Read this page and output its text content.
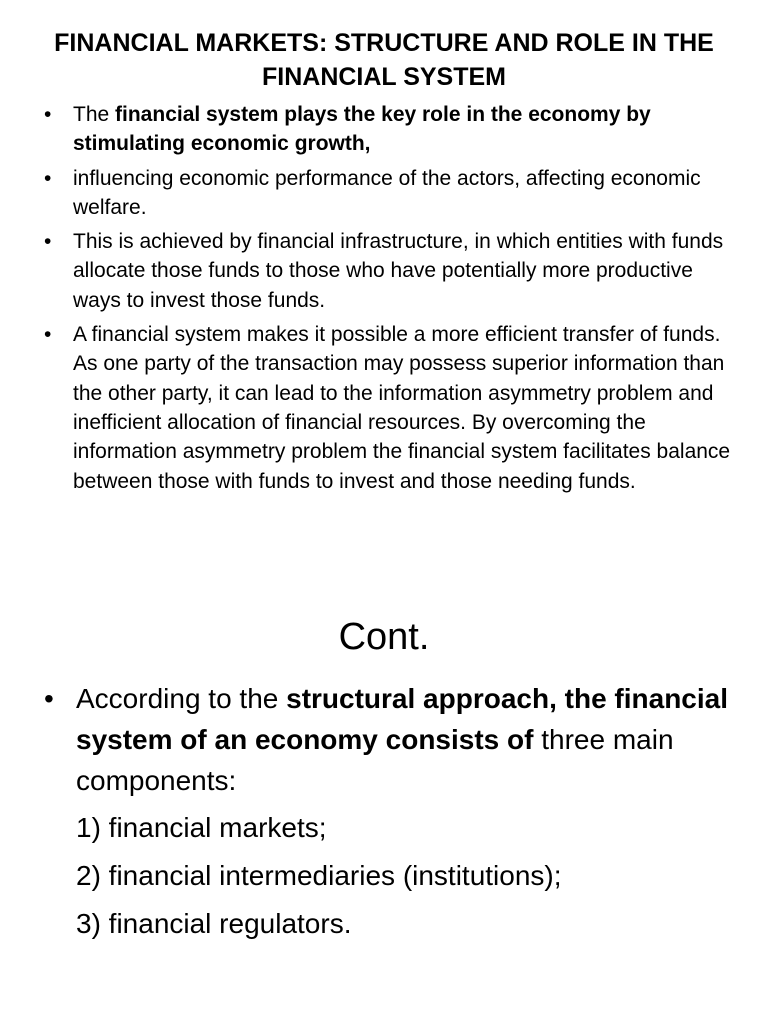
FINANCIAL MARKETS: STRUCTURE AND ROLE IN THE FINANCIAL SYSTEM
• The financial system plays the key role in the economy by stimulating economic growth,
• influencing economic performance of the actors, affecting economic welfare.
• This is achieved by financial infrastructure, in which entities with funds allocate those funds to those who have potentially more productive ways to invest those funds.
• A financial system makes it possible a more efficient transfer of funds. As one party of the transaction may possess superior information than the other party, it can lead to the information asymmetry problem and inefficient allocation of financial resources. By overcoming the information asymmetry problem the financial system facilitates balance between those with funds to invest and those needing funds.
Cont.
• According to the structural approach, the financial system of an economy consists of three main components:
1) financial markets;
2) financial intermediaries (institutions);
3) financial regulators.
